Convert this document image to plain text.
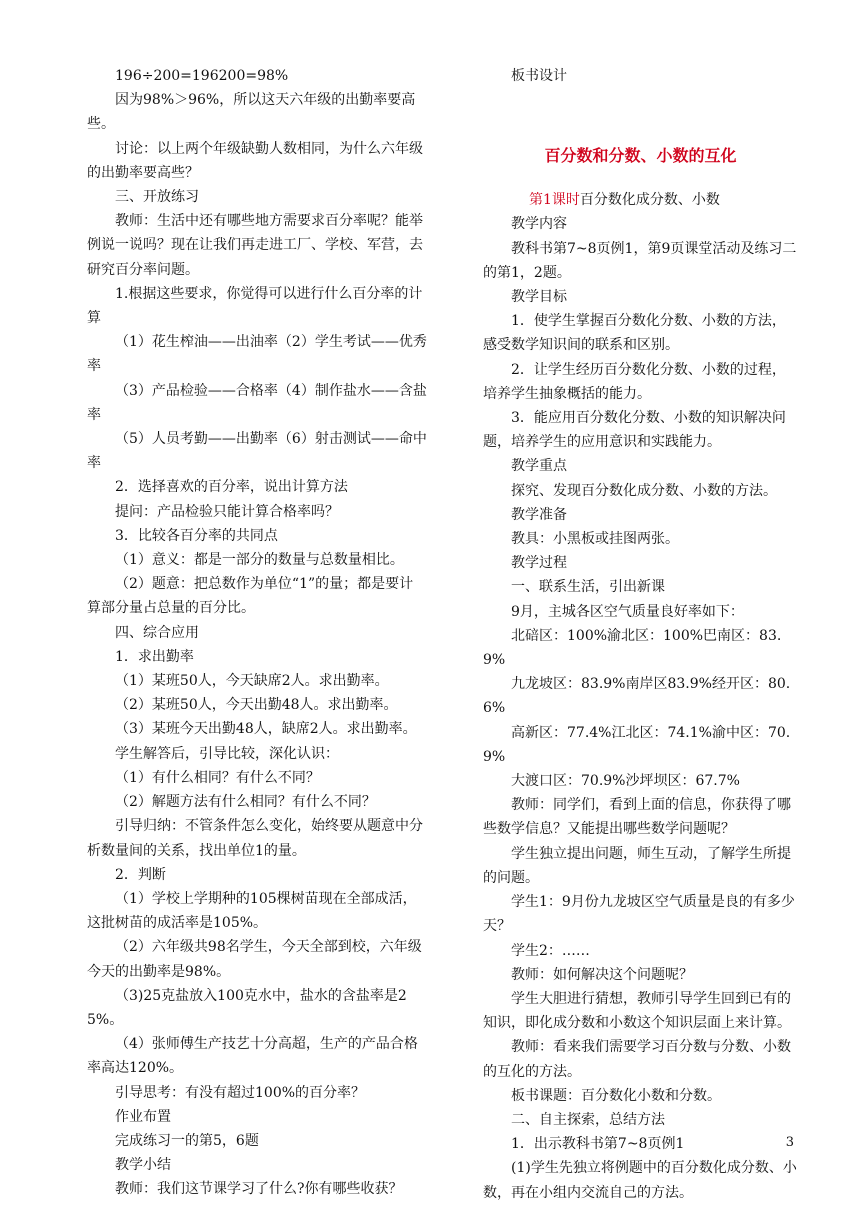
196÷200=196200=98%

因为98%＞96%，所以这天六年级的出勤率要高些。

讨论：以上两个年级缺勤人数相同，为什么六年级的出勤率要高些？

三、开放练习

教师：生活中还有哪些地方需要求百分率呢？能举例说一说吗？现在让我们再走进工厂、学校、军营，去研究百分率问题。

1.根据这些要求，你觉得可以进行什么百分率的计算

（1）花生榨油——出油率（2）学生考试——优秀率

（3）产品检验——合格率（4）制作盐水——含盐率

（5）人员考勤——出勤率（6）射击测试——命中率

2．选择喜欢的百分率，说出计算方法

提问：产品检验只能计算合格率吗？

3．比较各百分率的共同点

（1）意义：都是一部分的数量与总数量相比。

（2）题意：把总数作为单位“1”的量；都是要计算部分量占总量的百分比。

四、综合应用

1．求出勤率

（1）某班50人，今天缺席2人。求出勤率。

（2）某班50人，今天出勤48人。求出勤率。

（3）某班今天出勤48人，缺席2人。求出勤率。

学生解答后，引导比较，深化认识：

（1）有什么相同？有什么不同？

（2）解题方法有什么相同？有什么不同？

引导归纳：不管条件怎么变化，始终要从题意中分析数量间的关系，找出单位1的量。

2．判断

（1）学校上学期种的105棵树苗现在全部成活，这批树苗的成活率是105%。

（2）六年级共98名学生，今天全部到校，六年级今天的出勤率是98%。

（3)25克盐放入100克水中，盐水的含盐率是25%。

（4）张师傅生产技艺十分高超，生产的产品合格率高达120%。

引导思考：有没有超过100%的百分率？

作业布置

完成练习一的第5，6题

教学小结

教师：我们这节课学习了什么?你有哪些收获？

板书设计

百分数和分数、小数的互化

第1课时百分数化成分数、小数

教学内容

教科书第7~8页例1，第9页课堂活动及练习二的第1，2题。

教学目标

1．使学生掌握百分数化分数、小数的方法，感受数学知识间的联系和区别。

2．让学生经历百分数化分数、小数的过程，培养学生抽象概括的能力。

3．能应用百分数化分数、小数的知识解决问题，培养学生的应用意识和实践能力。

教学重点

探究、发现百分数化成分数、小数的方法。

教学准备

教具：小黑板或挂图两张。

教学过程

一、联系生活，引出新课

9月，主城各区空气质量良好率如下：

北碚区：100%渝北区：100%巴南区：83.9%

九龙坡区：83.9%南岸区83.9%经开区：80.6%

高新区：77.4%江北区：74.1%渝中区：70.9%

大渡口区：70.9%沙坪坝区：67.7%

教师：同学们，看到上面的信息，你获得了哪些数学信息？又能提出哪些数学问题呢？

学生独立提出问题，师生互动，了解学生所提的问题。

学生1：9月份九龙坡区空气质量是良的有多少天？

学生2：……

教师：如何解决这个问题呢？

学生大胆进行猜想，教师引导学生回到已有的知识，即化成分数和小数这个知识层面上来计算。

教师：看来我们需要学习百分数与分数、小数的互化的方法。

板书课题：百分数化小数和分数。

二、自主探索，总结方法

1．出示教科书第7~8页例1

(1)学生先独立将例题中的百分数化成分数、小数，再在小组内交流自己的方法。

3
